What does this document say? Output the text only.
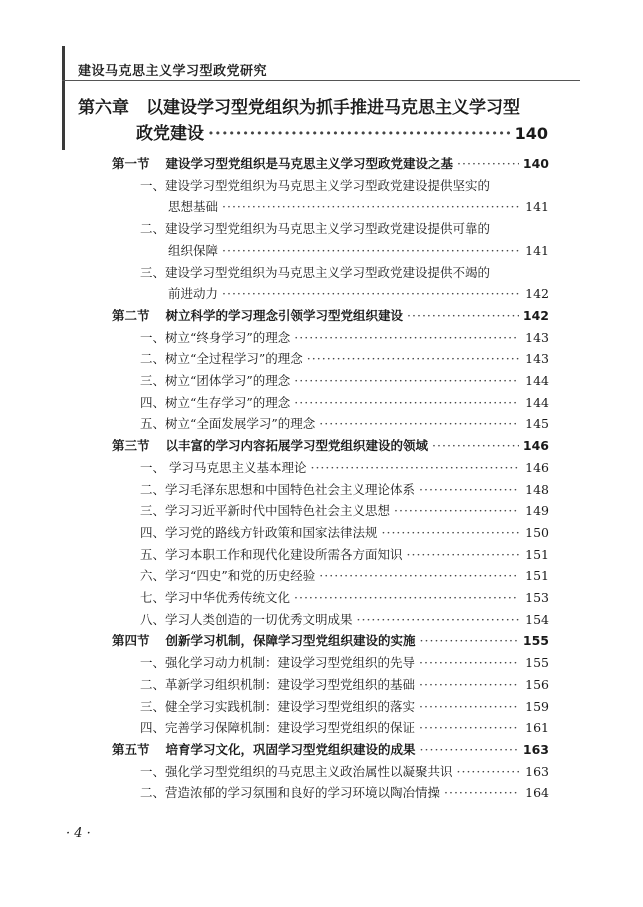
建设马克思主义学习型政党研究
第六章　以建设学习型党组织为抓手推进马克思主义学习型
政党建设 ·····	140
第一节 建设学习型党组织是马克思主义学习型政党建设之基 ·····	140
一、建设学习型党组织为马克思主义学习型政党建设提供坚实的
思想基础 ·····	141
二、建设学习型党组织为马克思主义学习型政党建设提供可靠的
组织保障 ·····	141
三、建设学习型党组织为马克思主义学习型政党建设提供不竭的
前进动力 ·····	142
第二节 树立科学的学习理念引领学习型党组织建设 ·····	142
一、树立“终身学习”的理念 ·····	143
二、树立“全过程学习”的理念 ·····	143
三、树立“团体学习”的理念 ·····	144
四、树立“生存学习”的理念 ·····	144
五、树立“全面发展学习”的理念 ·····	145
第三节 以丰富的学习内容拓展学习型党组织建设的领域 ·····	146
一、 学习马克思主义基本理论 ·····	146
二、学习毛泽东思想和中国特色社会主义理论体系 ·····	148
三、学习习近平新时代中国特色社会主义思想 ·····	149
四、学习党的路线方针政策和国家法律法规 ·····	150
五、学习本职工作和现代化建设所需各方面知识 ·····	151
六、学习“四史”和党的历史经验 ·····	151
七、学习中华优秀传统文化 ·····	153
八、学习人类创造的一切优秀文明成果 ·····	154
第四节 创新学习机制，保障学习型党组织建设的实施 ·····	155
一、强化学习动力机制：建设学习型党组织的先导 ·····	155
二、革新学习组织机制：建设学习型党组织的基础 ·····	156
三、健全学习实践机制：建设学习型党组织的落实 ·····	159
四、完善学习保障机制：建设学习型党组织的保证 ·····	161
第五节 培育学习文化，巩固学习型党组织建设的成果 ·····	163
一、强化学习型党组织的马克思主义政治属性以凝聚共识 ·····	163
二、营造浓郁的学习氛围和良好的学习环境以陶冶情操 ·····	164
· 4 ·
